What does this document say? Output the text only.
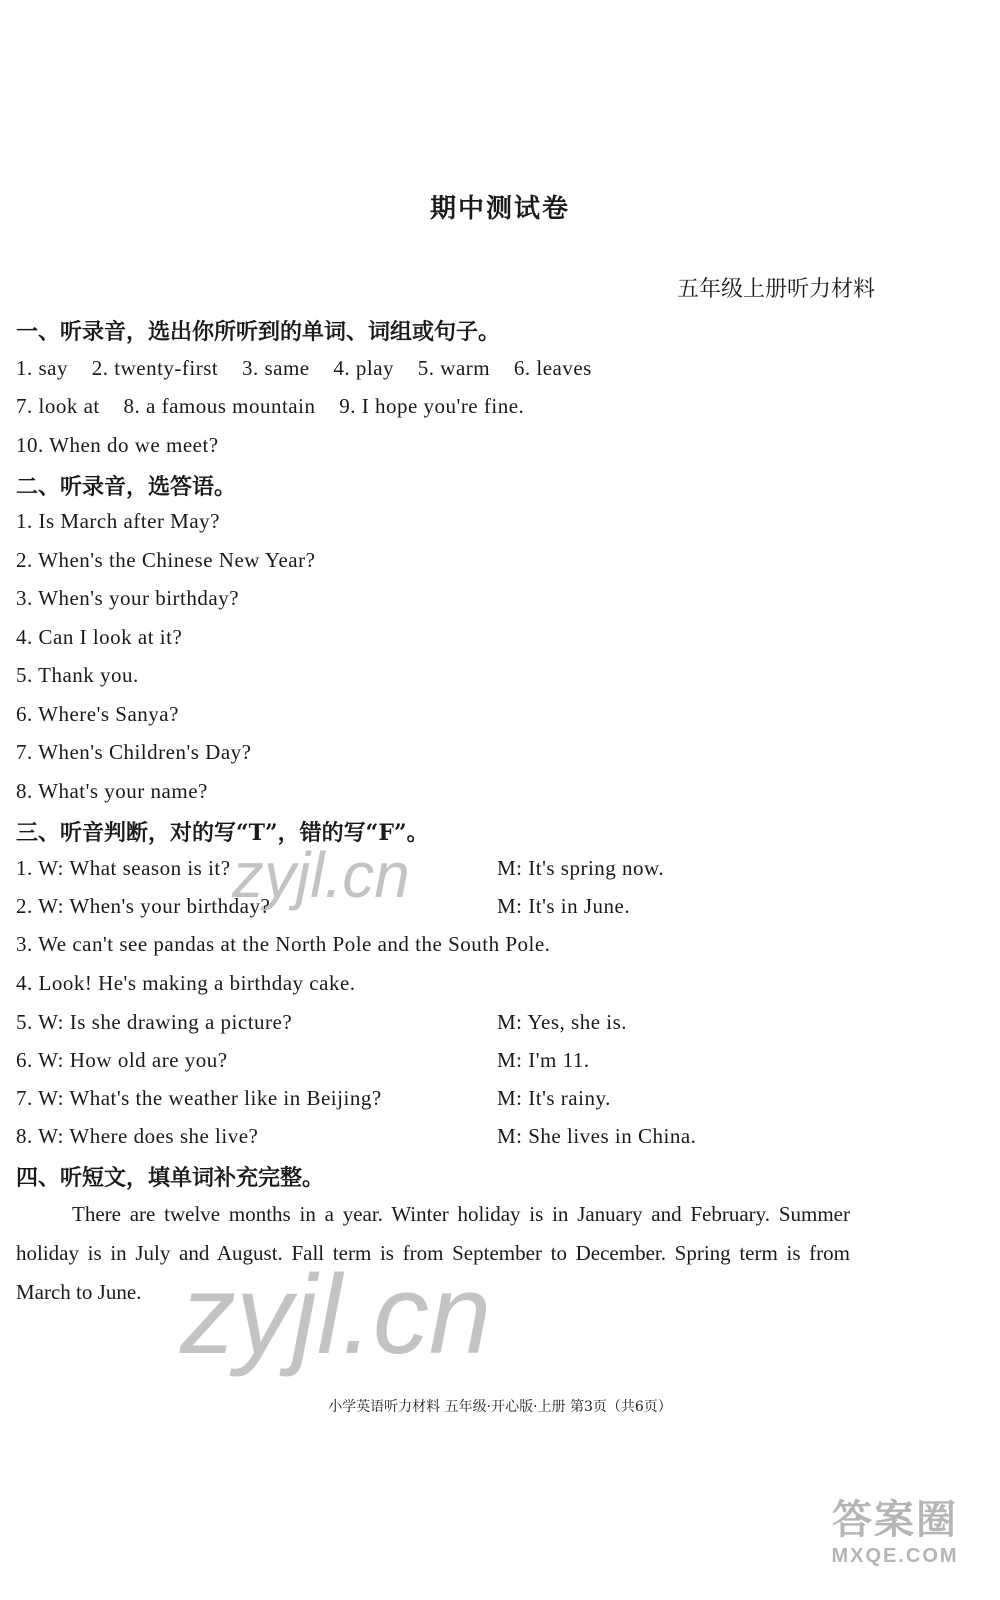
期中测试卷
五年级上册听力材料
一、听录音，选出你所听到的单词、词组或句子。
1. say 2. twenty-first 3. same 4. play 5. warm 6. leaves
7. look at 8. a famous mountain 9. I hope you're fine.
10. When do we meet?
二、听录音，选答语。
1. Is March after May?
2. When's the Chinese New Year?
3. When's your birthday?
4. Can I look at it?
5. Thank you.
6. Where's Sanya?
7. When's Children's Day?
8. What's your name?
三、听音判断，对的写“T”，错的写“F”。
1. W: What season is it?	M: It's spring now.
2. W: When's your birthday?	M: It's in June.
3. We can't see pandas at the North Pole and the South Pole.
4. Look! He's making a birthday cake.
5. W: Is she drawing a picture?	M: Yes, she is.
6. W: How old are you?	M: I'm 11.
7. W: What's the weather like in Beijing?	M: It's rainy.
8. W: Where does she live?	M: She lives in China.
四、听短文，填单词补充完整。
There are twelve months in a year. Winter holiday is in January and February. Summer holiday is in July and August. Fall term is from September to December. Spring term is from March to June.
小学英语听力材料 五年级·开心版·上册 第3页（共6页）
zyjl.cn
zyjl.cn
答案圈
MXQE.COM
